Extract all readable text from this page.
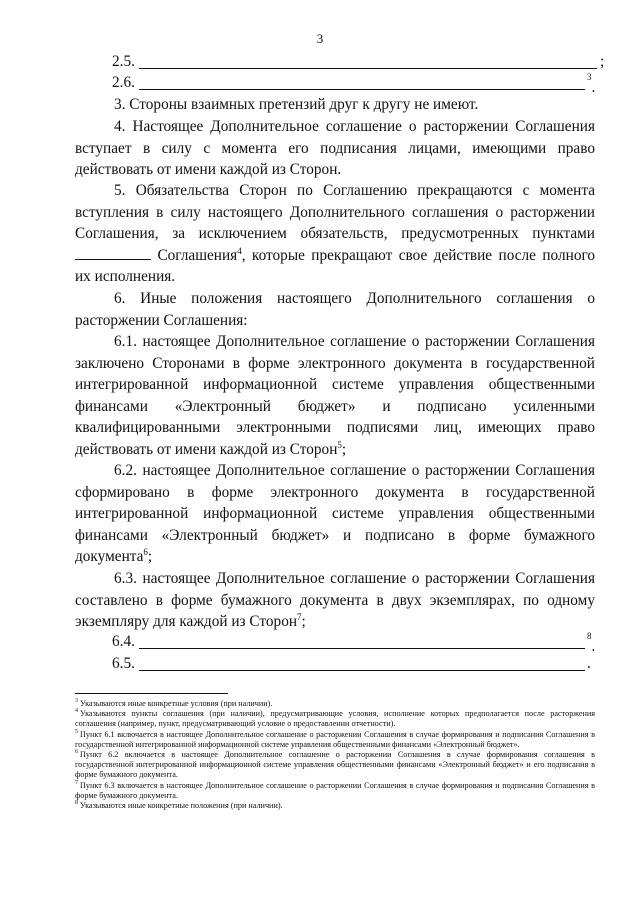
3
2.5.	;
2.6.	$^3$.

3. Стороны взаимных претензий друг к другу не имеют.

4. Настоящее Дополнительное соглашение о расторжении Соглашения вступает в силу с момента его подписания лицами, имеющими право действовать от имени каждой из Сторон.

5. Обязательства Сторон по Соглашению прекращаются с момента вступления в силу настоящего Дополнительного соглашения о расторжении Соглашения, за исключением обязательств, предусмотренных пунктами  Соглашения$^4$, которые прекращают свое действие после полного их исполнения.

6. Иные положения настоящего Дополнительного соглашения о расторжении Соглашения:

6.1. настоящее Дополнительное соглашение о расторжении Соглашения заключено Сторонами в форме электронного документа в государственной интегрированной информационной системе управления общественными финансами «Электронный бюджет» и подписано усиленными квалифицированными электронными подписями лиц, имеющих право действовать от имени каждой из Сторон$^5$;

6.2. настоящее Дополнительное соглашение о расторжении Соглашения сформировано в форме электронного документа в государственной интегрированной информационной системе управления общественными финансами «Электронный бюджет» и подписано в форме бумажного документа$^6$;

6.3. настоящее Дополнительное соглашение о расторжении Соглашения составлено в форме бумажного документа в двух экземплярах, по одному экземпляру для каждой из Сторон$^7$;

6.4.	$^8$.
6.5.	.

$^3$ Указываются иные конкретные условия (при наличии).

$^4$ Указываются пункты соглашения (при наличии), предусматривающие условия, исполнение которых предполагается после расторжения соглашения (например, пункт, предусматривающий условие о предоставлении отчетности).

$^5$ Пункт 6.1 включается в настоящее Дополнительное соглашение о расторжении Соглашения в случае формирования и подписания Соглашения в государственной интегрированной информационной системе управления общественными финансами «Электронный бюджет».

$^6$ Пункт 6.2 включается в настоящее Дополнительное соглашение о расторжении Соглашения в случае формирования соглашения в государственной интегрированной информационной системе управления общественными финансами «Электронный бюджет» и его подписания в форме бумажного документа.

$^7$ Пункт 6.3 включается в настоящее Дополнительное соглашение о расторжении Соглашения в случае формирования и подписания Соглашения в форме бумажного документа.

$^8$ Указываются иные конкретные положения (при наличии).
